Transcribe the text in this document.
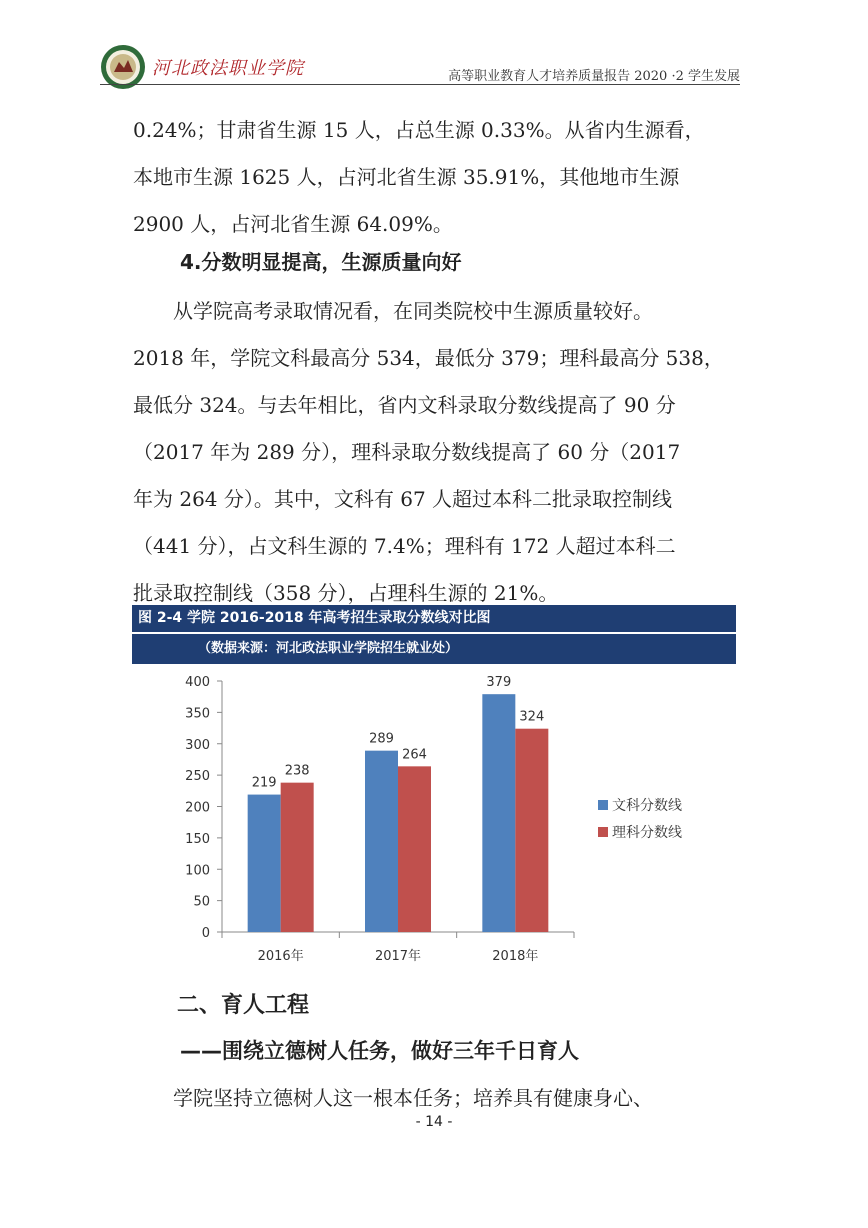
河北政法职业学院	高等职业教育人才培养质量报告 2020 ·2 学生发展
0.24%；甘肃省生源 15 人，占总生源 0.33%。从省内生源看，
本地市生源 1625 人，占河北省生源 35.91%，其他地市生源
2900 人，占河北省生源 64.09%。
4.分数明显提高，生源质量向好
　　从学院高考录取情况看，在同类院校中生源质量较好。
2018 年，学院文科最高分 534，最低分 379；理科最高分 538，
最低分 324。与去年相比，省内文科录取分数线提高了 90 分
（2017 年为 289 分），理科录取分数线提高了 60 分（2017
年为 264 分）。其中，文科有 67 人超过本科二批录取控制线
（441 分），占文科生源的 7.4%；理科有 172 人超过本科二
批录取控制线（358 分），占理科生源的 21%。
图 2-4 学院 2016-2018 年高考招生录取分数线对比图
（数据来源：河北政法职业学院招生就业处）
0
50
100
150
200
250
300
350
400
2016年
219
238
2017年
289
264
2018年
379
324
文科分数线
理科分数线
二、育人工程
——围绕立德树人任务，做好三年千日育人
　　学院坚持立德树人这一根本任务；培养具有健康身心、
- 14 -
